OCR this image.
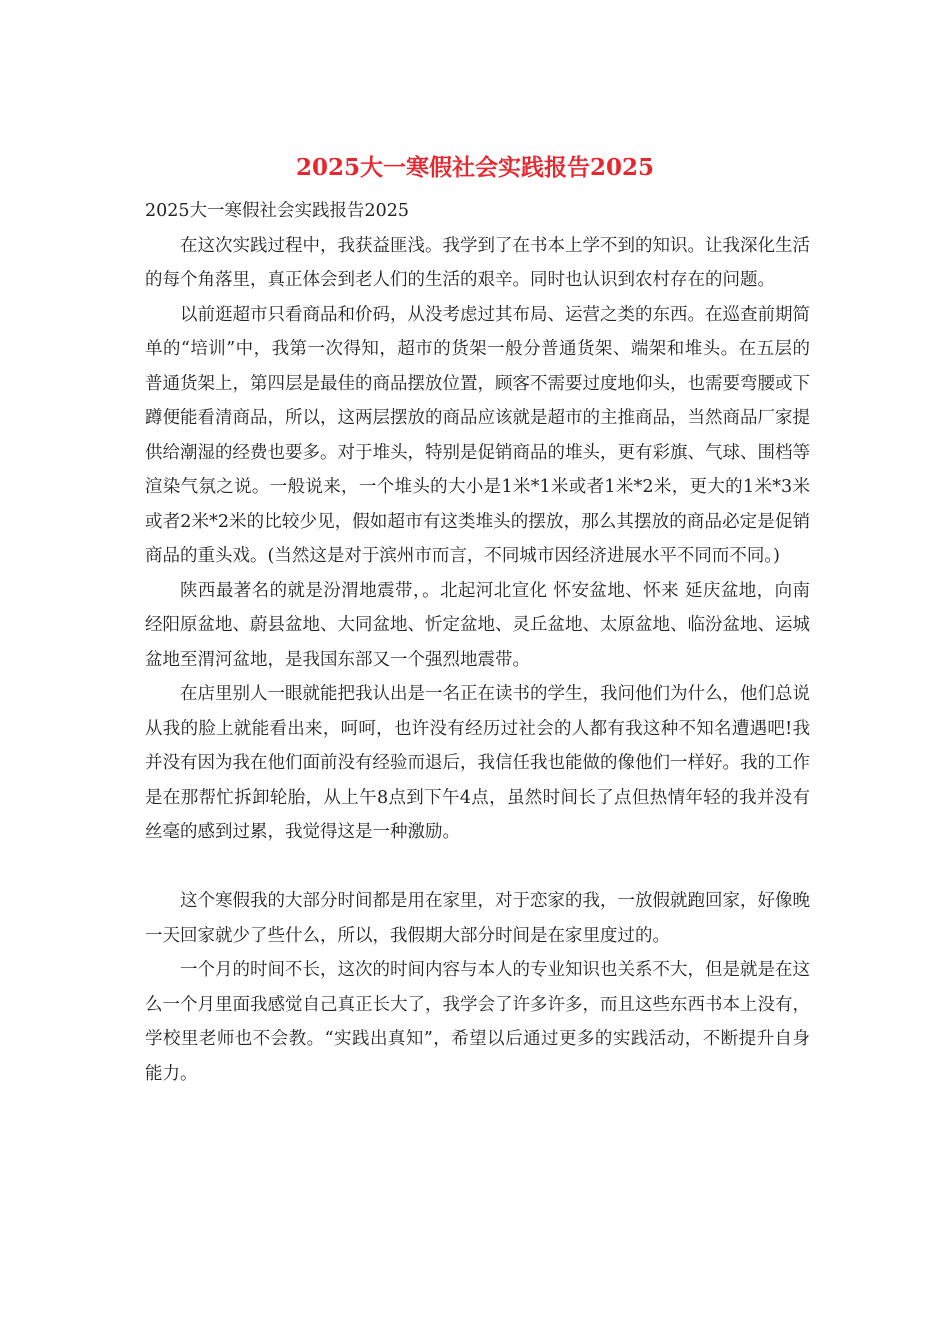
2025大一寒假社会实践报告2025

2025大一寒假社会实践报告2025

在这次实践过程中，我获益匪浅。我学到了在书本上学不到的知识。让我深化生活的每个角落里，真正体会到老人们的生活的艰辛。同时也认识到农村存在的问题。

以前逛超市只看商品和价码，从没考虑过其布局、运营之类的东西。在巡查前期简单的“培训”中，我第一次得知，超市的货架一般分普通货架、端架和堆头。在五层的普通货架上，第四层是最佳的商品摆放位置，顾客不需要过度地仰头，也需要弯腰或下蹲便能看清商品，所以，这两层摆放的商品应该就是超市的主推商品，当然商品厂家提供给潮湿的经费也要多。对于堆头，特别是促销商品的堆头，更有彩旗、气球、围档等渲染气氛之说。一般说来，一个堆头的大小是1米*1米或者1米*2米，更大的1米*3米或者2米*2米的比较少见，假如超市有这类堆头的摆放，那么其摆放的商品必定是促销商品的重头戏。(当然这是对于滨州市而言，不同城市因经济进展水平不同而不同。)

陕西最著名的就是汾渭地震带，。北起河北宣化 怀安盆地、怀来 延庆盆地，向南经阳原盆地、蔚县盆地、大同盆地、忻定盆地、灵丘盆地、太原盆地、临汾盆地、运城盆地至渭河盆地，是我国东部又一个强烈地震带。

在店里别人一眼就能把我认出是一名正在读书的学生，我问他们为什么，他们总说从我的脸上就能看出来，呵呵，也许没有经历过社会的人都有我这种不知名遭遇吧!我并没有因为我在他们面前没有经验而退后，我信任我也能做的像他们一样好。我的工作是在那帮忙拆卸轮胎，从上午8点到下午4点，虽然时间长了点但热情年轻的我并没有丝毫的感到过累，我觉得这是一种激励。

这个寒假我的大部分时间都是用在家里，对于恋家的我，一放假就跑回家，好像晚一天回家就少了些什么，所以，我假期大部分时间是在家里度过的。

一个月的时间不长，这次的时间内容与本人的专业知识也关系不大，但是就是在这么一个月里面我感觉自己真正长大了，我学会了许多许多，而且这些东西书本上没有，学校里老师也不会教。“实践出真知”，希望以后通过更多的实践活动，不断提升自身能力。
